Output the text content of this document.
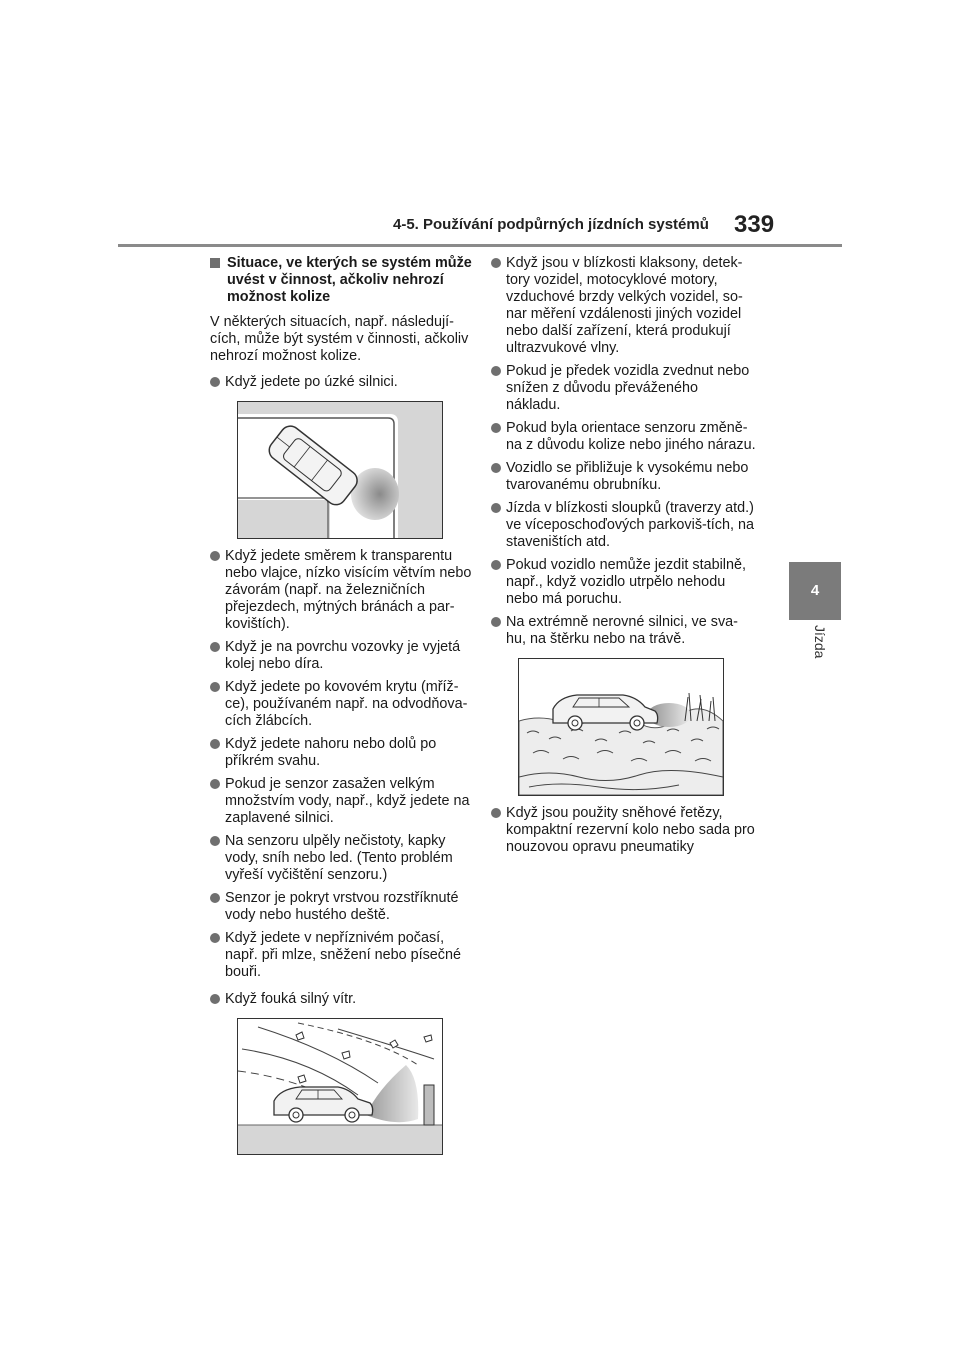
4-5. Používání podpůrných jízdních systémů 339
4
Jízda
Situace, ve kterých se systém může uvést v činnost, ačkoliv nehrozí možnost kolize

V některých situacích, např. následují-cích, může být systém v činnosti, ačkoliv nehrozí možnost kolize.

Když jedete po úzké silnici.
Když jedete směrem k transparentu nebo vlajce, nízko visícím větvím nebo závorám (např. na železničních přejezdech, mýtných bránách a par-kovištích).
Když je na povrchu vozovky je vyjetá kolej nebo díra.
Když jedete po kovovém krytu (mříž-ce), používaném např. na odvodňova-cích žlábcích.
Když jedete nahoru nebo dolů po příkrém svahu.
Pokud je senzor zasažen velkým množstvím vody, např., když jedete na zaplavené silnici.
Na senzoru ulpěly nečistoty, kapky vody, sníh nebo led. (Tento problém vyřeší vyčištění senzoru.)
Senzor je pokryt vrstvou rozstříknuté vody nebo hustého deště.
Když jedete v nepříznivém počasí, např. při mlze, sněžení nebo písečné bouři.
Když fouká silný vítr.
Když jsou v blízkosti klaksony, detek-tory vozidel, motocyklové motory, vzduchové brzdy velkých vozidel, so-nar měření vzdálenosti jiných vozidel nebo další zařízení, která produkují ultrazvukové vlny.
Pokud je předek vozidla zvednut nebo snížen z důvodu převáženého nákladu.
Pokud byla orientace senzoru změně-na z důvodu kolize nebo jiného nárazu.
Vozidlo se přibližuje k vysokému nebo tvarovanému obrubníku.
Jízda v blízkosti sloupků (traverzy atd.) ve víceposchoďových parkoviš-tích, na staveništích atd.
Pokud vozidlo nemůže jezdit stabilně, např., když vozidlo utrpělo nehodu nebo má poruchu.
Na extrémně nerovné silnici, ve sva-hu, na štěrku nebo na trávě.
Když jsou použity sněhové řetězy, kompaktní rezervní kolo nebo sada pro nouzovou opravu pneumatiky
